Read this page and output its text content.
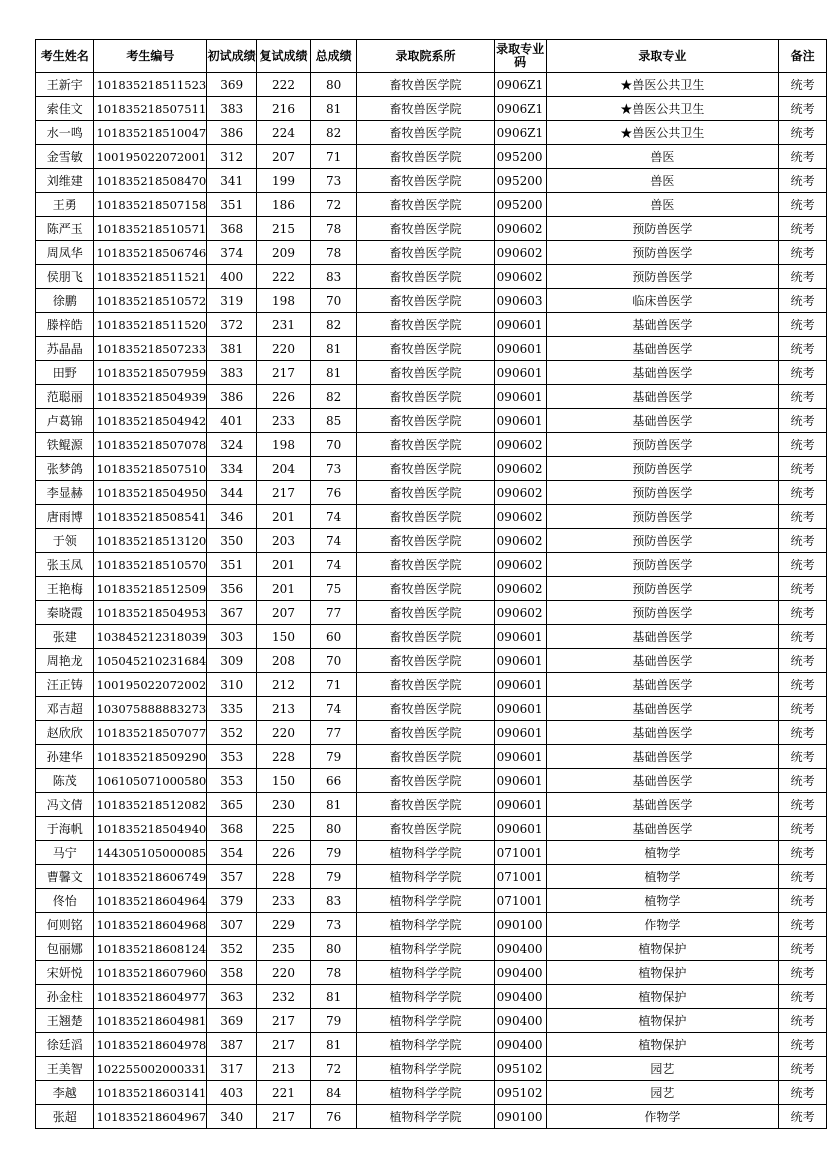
考生姓名	考生编号	初试成绩	复试成绩	总成绩	录取院系所	录取专业码	录取专业	备注
王新宇	101835218511523	369	222	80	畜牧兽医学院	0906Z1	★兽医公共卫生	统考
索佳文	101835218507511	383	216	81	畜牧兽医学院	0906Z1	★兽医公共卫生	统考
水一鸣	101835218510047	386	224	82	畜牧兽医学院	0906Z1	★兽医公共卫生	统考
金雪敏	100195022072001	312	207	71	畜牧兽医学院	095200	兽医	统考
刘维建	101835218508470	341	199	73	畜牧兽医学院	095200	兽医	统考
王勇	101835218507158	351	186	72	畜牧兽医学院	095200	兽医	统考
陈严玉	101835218510571	368	215	78	畜牧兽医学院	090602	预防兽医学	统考
周凤华	101835218506746	374	209	78	畜牧兽医学院	090602	预防兽医学	统考
侯朋飞	101835218511521	400	222	83	畜牧兽医学院	090602	预防兽医学	统考
徐鹏	101835218510572	319	198	70	畜牧兽医学院	090603	临床兽医学	统考
滕梓皓	101835218511520	372	231	82	畜牧兽医学院	090601	基础兽医学	统考
苏晶晶	101835218507233	381	220	81	畜牧兽医学院	090601	基础兽医学	统考
田野	101835218507959	383	217	81	畜牧兽医学院	090601	基础兽医学	统考
范聪丽	101835218504939	386	226	82	畜牧兽医学院	090601	基础兽医学	统考
卢葛锦	101835218504942	401	233	85	畜牧兽医学院	090601	基础兽医学	统考
铁鲲源	101835218507078	324	198	70	畜牧兽医学院	090602	预防兽医学	统考
张梦鸽	101835218507510	334	204	73	畜牧兽医学院	090602	预防兽医学	统考
李显赫	101835218504950	344	217	76	畜牧兽医学院	090602	预防兽医学	统考
唐雨博	101835218508541	346	201	74	畜牧兽医学院	090602	预防兽医学	统考
于领	101835218513120	350	203	74	畜牧兽医学院	090602	预防兽医学	统考
张玉凤	101835218510570	351	201	74	畜牧兽医学院	090602	预防兽医学	统考
王艳梅	101835218512509	356	201	75	畜牧兽医学院	090602	预防兽医学	统考
秦晓霞	101835218504953	367	207	77	畜牧兽医学院	090602	预防兽医学	统考
张建	103845212318039	303	150	60	畜牧兽医学院	090601	基础兽医学	统考
周艳龙	105045210231684	309	208	70	畜牧兽医学院	090601	基础兽医学	统考
汪正铸	100195022072002	310	212	71	畜牧兽医学院	090601	基础兽医学	统考
邓吉超	103075888883273	335	213	74	畜牧兽医学院	090601	基础兽医学	统考
赵欣欣	101835218507077	352	220	77	畜牧兽医学院	090601	基础兽医学	统考
孙建华	101835218509290	353	228	79	畜牧兽医学院	090601	基础兽医学	统考
陈茂	106105071000580	353	150	66	畜牧兽医学院	090601	基础兽医学	统考
冯文倩	101835218512082	365	230	81	畜牧兽医学院	090601	基础兽医学	统考
于海帆	101835218504940	368	225	80	畜牧兽医学院	090601	基础兽医学	统考
马宁	144305105000085	354	226	79	植物科学学院	071001	植物学	统考
曹馨文	101835218606749	357	228	79	植物科学学院	071001	植物学	统考
佟怡	101835218604964	379	233	83	植物科学学院	071001	植物学	统考
何则铭	101835218604968	307	229	73	植物科学学院	090100	作物学	统考
包丽娜	101835218608124	352	235	80	植物科学学院	090400	植物保护	统考
宋妍悦	101835218607960	358	220	78	植物科学学院	090400	植物保护	统考
孙金柱	101835218604977	363	232	81	植物科学学院	090400	植物保护	统考
王翘楚	101835218604981	369	217	79	植物科学学院	090400	植物保护	统考
徐廷滔	101835218604978	387	217	81	植物科学学院	090400	植物保护	统考
王美智	102255002000331	317	213	72	植物科学学院	095102	园艺	统考
李越	101835218603141	403	221	84	植物科学学院	095102	园艺	统考
张超	101835218604967	340	217	76	植物科学学院	090100	作物学	统考
